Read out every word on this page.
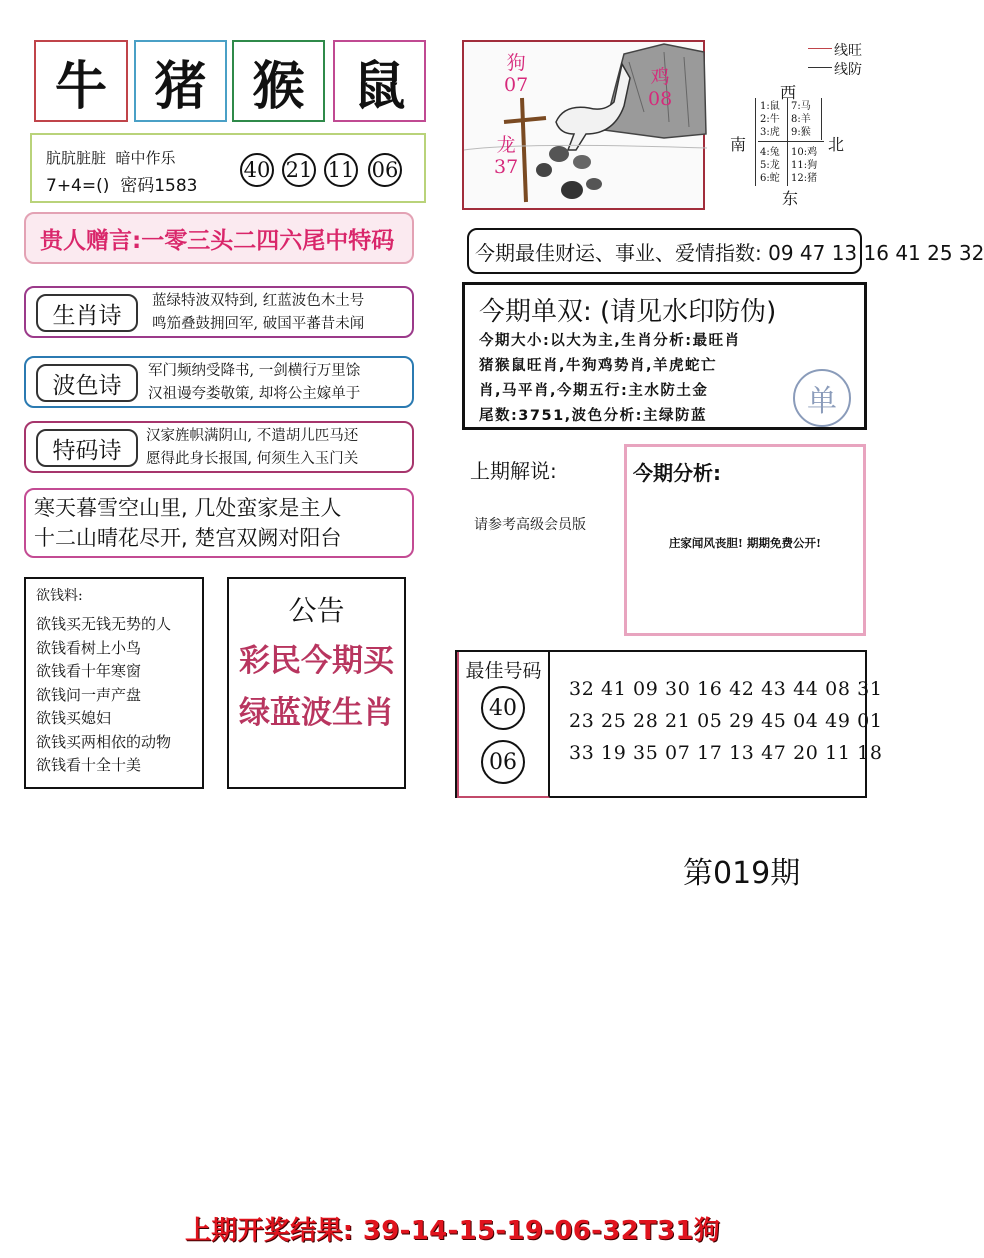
牛 猪 猴 鼠
肮肮脏脏  暗中作乐
7+4=()  密码1583
40 21 11 06
贵人赠言:一零三头二四六尾中特码
生肖诗
蓝绿特波双特到, 红蓝波色木土号
鸣笳叠鼓拥回军, 破国平蕃昔未闻
波色诗
军门频纳受降书, 一剑横行万里馀
汉祖谩夸娄敬策, 却将公主嫁单于
特码诗
汉家旌帜满阴山, 不遣胡儿匹马还
愿得此身长报国, 何须生入玉门关
寒天暮雪空山里, 几处蛮家是主人
十二山晴花尽开, 楚宫双阙对阳台
欲钱料:
欲钱买无钱无势的人
欲钱看树上小鸟
欲钱看十年寒窗
欲钱问一声产盘
欲钱买媳妇
欲钱买两相依的动物
欲钱看十全十美
公告
彩民今期买
绿蓝波生肖
狗
07	鸡
08
龙
37
线旺
线防
西
南	北
东
1:鼠
2:牛
3:虎
7:马
8:羊
9:猴
4:兔
5:龙
6:蛇
10:鸡
11:狗
12:猪
今期最佳财运、事业、爱情指数: 09 47 13 16 41 25 32
今期单双: (请见水印防伪)
今期大小:以大为主,生肖分析:最旺肖
猪猴鼠旺肖,牛狗鸡势肖,羊虎蛇亡
肖,马平肖,今期五行:主水防土金
尾数:3751,波色分析:主绿防蓝	单
上期解说:
请参考高级会员版
今期分析:
庄家闻风丧胆! 期期免费公开!
最佳号码
40
06
32 41 09 30 16 42 43 44 08 31
23 25 28 21 05 29 45 04 49 01
33 19 35 07 17 13 47 20 11 18
第019期
上期开奖结果: 39-14-15-19-06-32T31狗
